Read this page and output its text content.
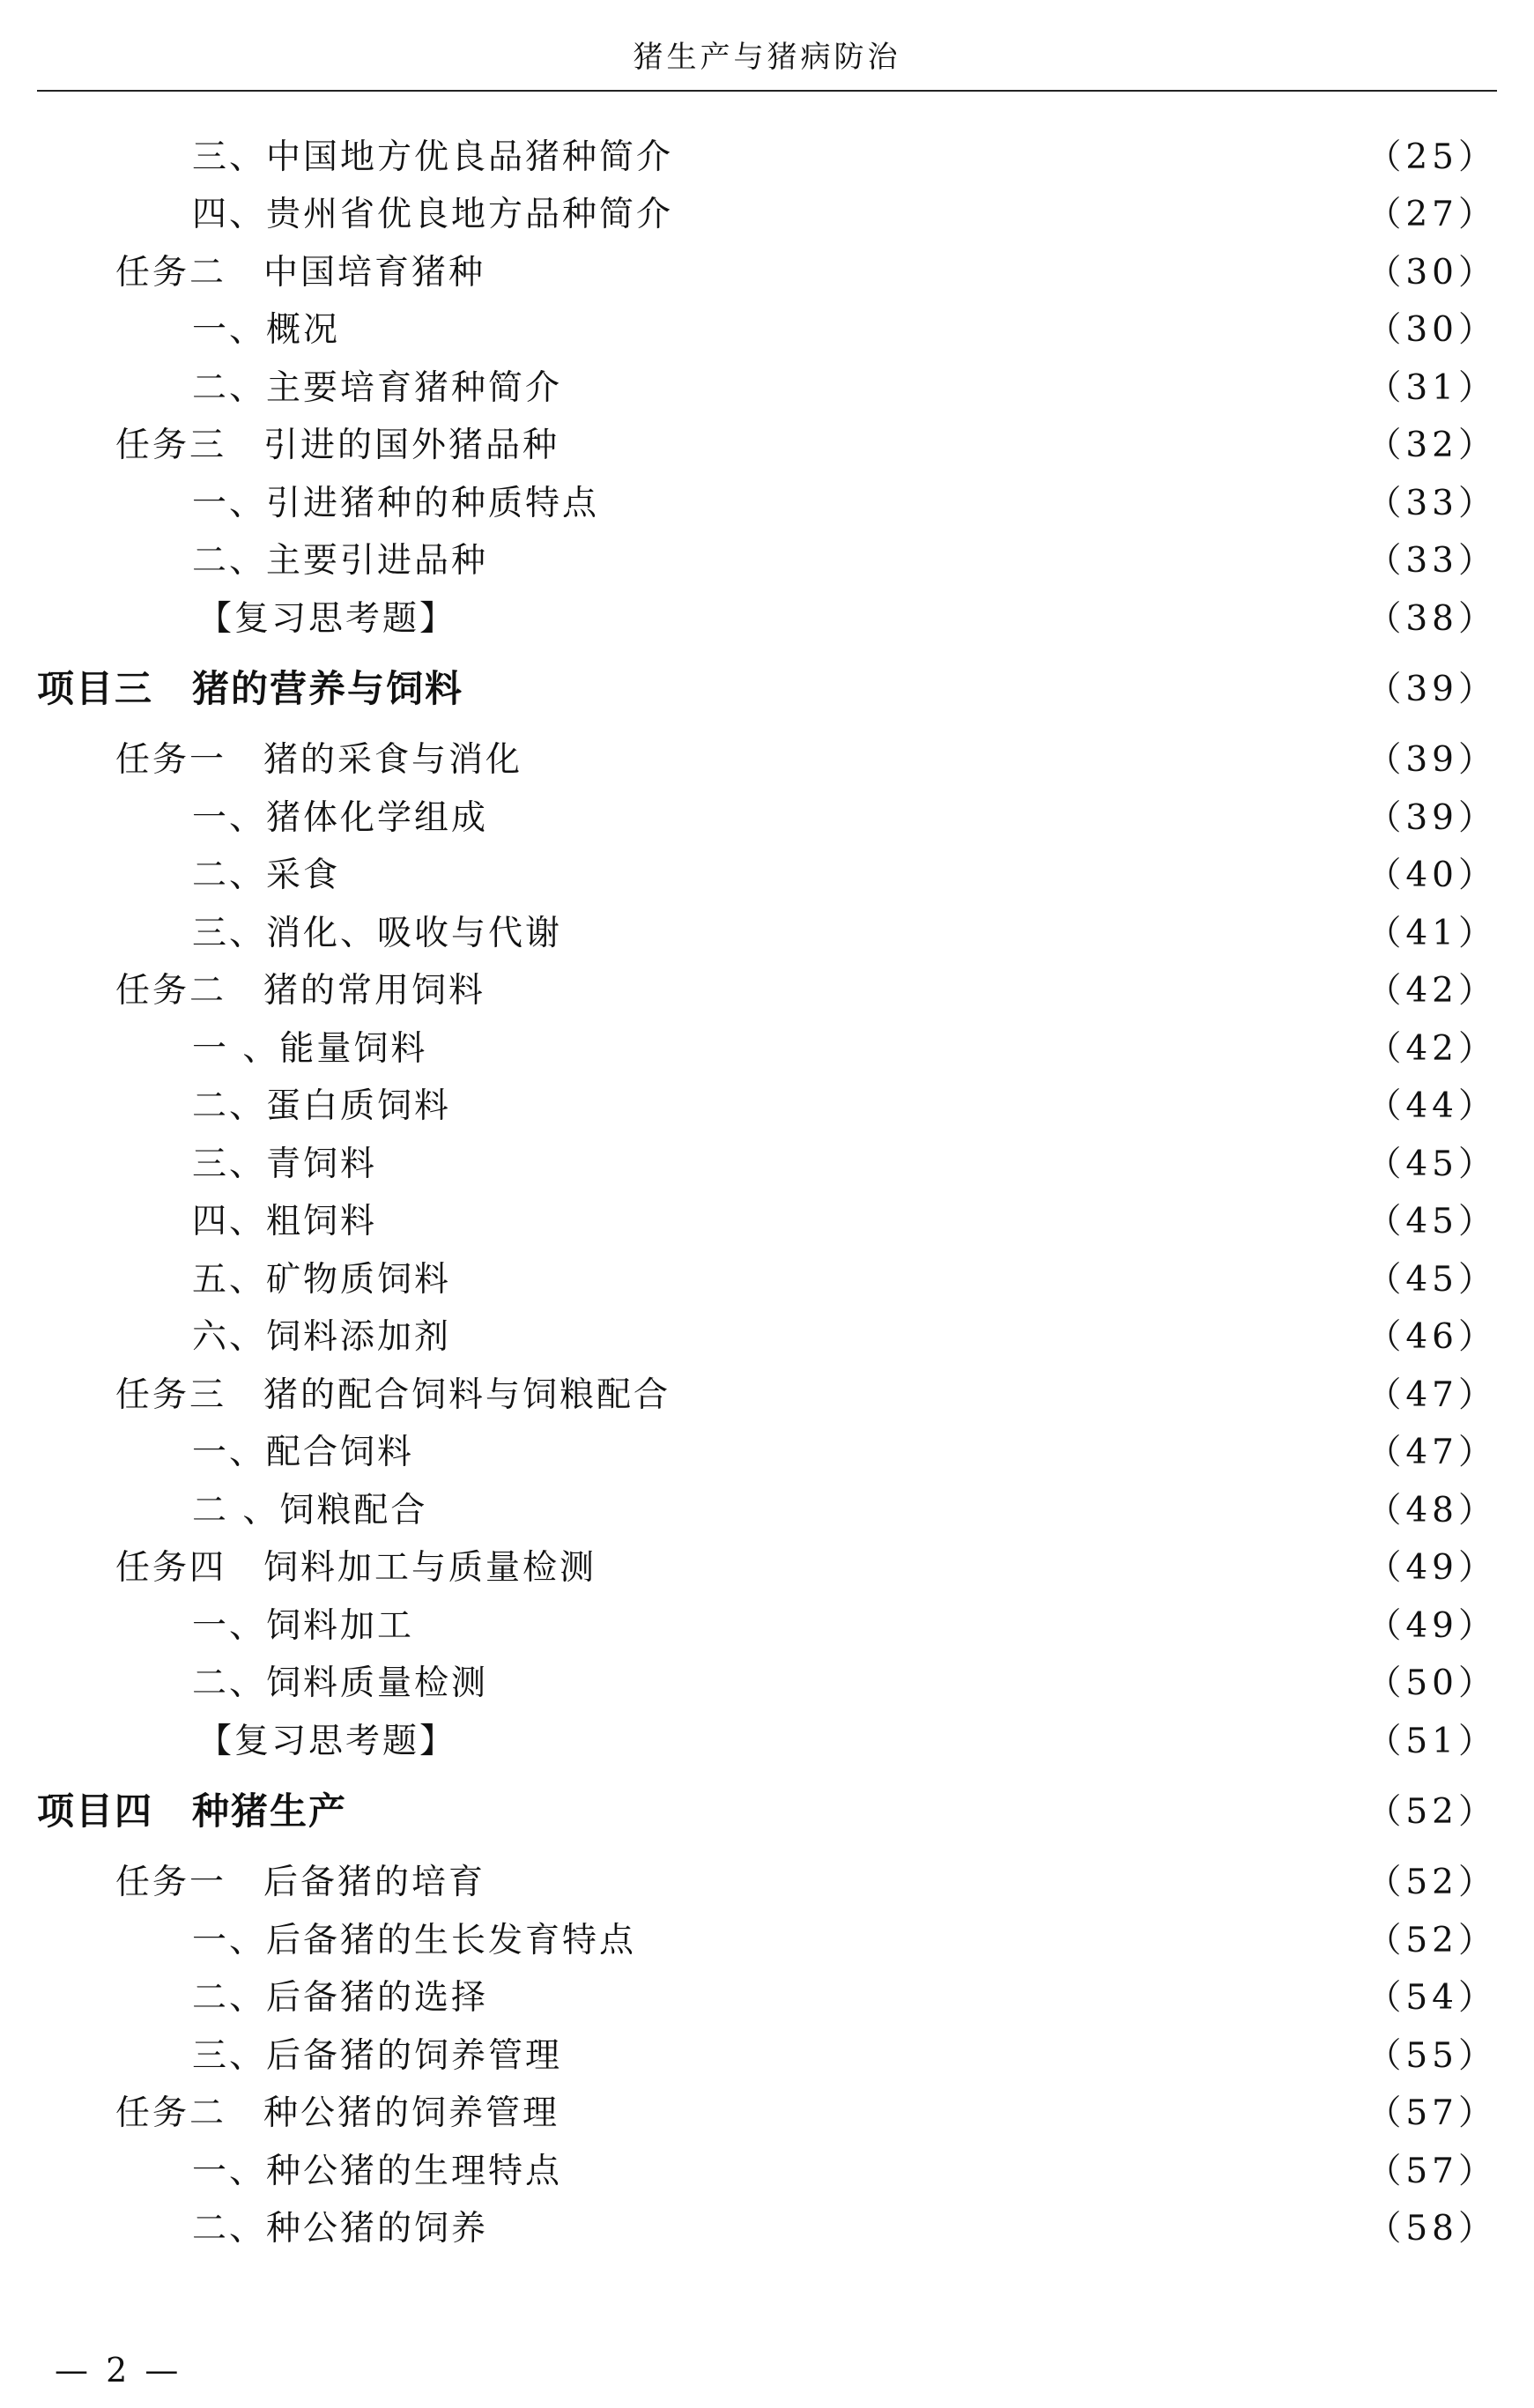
猪生产与猪病防治
三、中国地方优良品猪种简介	（25）
四、贵州省优良地方品种简介	（27）
任务二　中国培育猪种	（30）
一、概况	（30）
二、主要培育猪种简介	（31）
任务三　引进的国外猪品种	（32）
一、引进猪种的种质特点	（33）
二、主要引进品种	（33）
【复习思考题】	（38）
项目三　猪的营养与饲料	（39）
任务一　猪的采食与消化	（39）
一、猪体化学组成	（39）
二、采食	（40）
三、消化、吸收与代谢	（41）
任务二　猪的常用饲料	（42）
一 、能量饲料	（42）
二、蛋白质饲料	（44）
三、青饲料	（45）
四、粗饲料	（45）
五、矿物质饲料	（45）
六、饲料添加剂	（46）
任务三　猪的配合饲料与饲粮配合	（47）
一、配合饲料	（47）
二 、饲粮配合	（48）
任务四　饲料加工与质量检测	（49）
一、饲料加工	（49）
二、饲料质量检测	（50）
【复习思考题】	（51）
项目四　种猪生产	（52）
任务一　后备猪的培育	（52）
一、后备猪的生长发育特点	（52）
二、后备猪的选择	（54）
三、后备猪的饲养管理	（55）
任务二　种公猪的饲养管理	（57）
一、种公猪的生理特点	（57）
二、种公猪的饲养	（58）
— 2 —
